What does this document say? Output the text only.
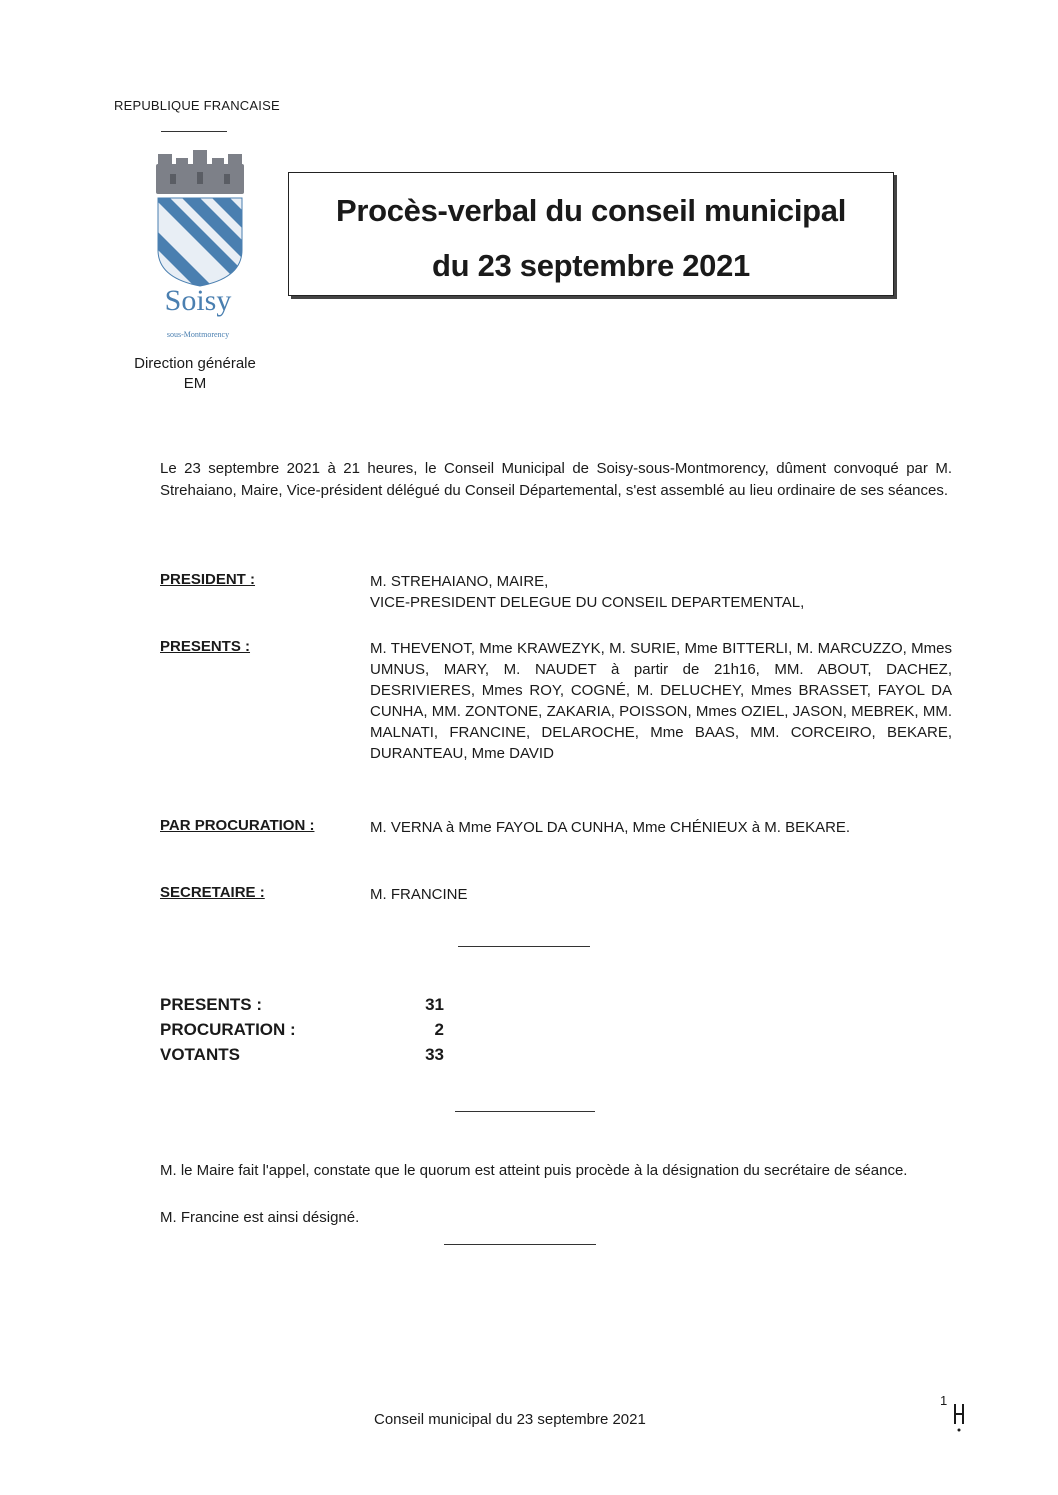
REPUBLIQUE FRANCAISE
Soisy
sous-Montmorency
Direction générale
EM
Procès-verbal du conseil municipal
du 23 septembre 2021
Le 23 septembre 2021 à 21 heures, le Conseil Municipal de Soisy-sous-Montmorency, dûment convoqué par M. Strehaiano, Maire, Vice-président délégué du Conseil Départemental, s'est assemblé au lieu ordinaire de ses séances.
PRESIDENT :	M. STREHAIANO, MAIRE,
VICE-PRESIDENT DELEGUE DU CONSEIL DEPARTEMENTAL,
PRESENTS :	M. THEVENOT, Mme KRAWEZYK, M. SURIE, Mme BITTERLI, M. MARCUZZO, Mmes UMNUS, MARY, M. NAUDET à partir de 21h16, MM. ABOUT, DACHEZ, DESRIVIERES, Mmes ROY, COGNÉ, M. DELUCHEY, Mmes BRASSET, FAYOL DA CUNHA, MM. ZONTONE, ZAKARIA, POISSON, Mmes OZIEL, JASON, MEBREK, MM. MALNATI, FRANCINE, DELAROCHE, Mme BAAS, MM. CORCEIRO, BEKARE, DURANTEAU, Mme DAVID
PAR PROCURATION :	M. VERNA à Mme FAYOL DA CUNHA, Mme CHÉNIEUX à M. BEKARE.
SECRETAIRE :	M. FRANCINE
PRESENTS :	31
PROCURATION :	2
VOTANTS	33
M. le Maire fait l'appel, constate que le quorum est atteint puis procède à la désignation du secrétaire de séance.
M. Francine est ainsi désigné.
1
Conseil municipal du 23 septembre 2021
